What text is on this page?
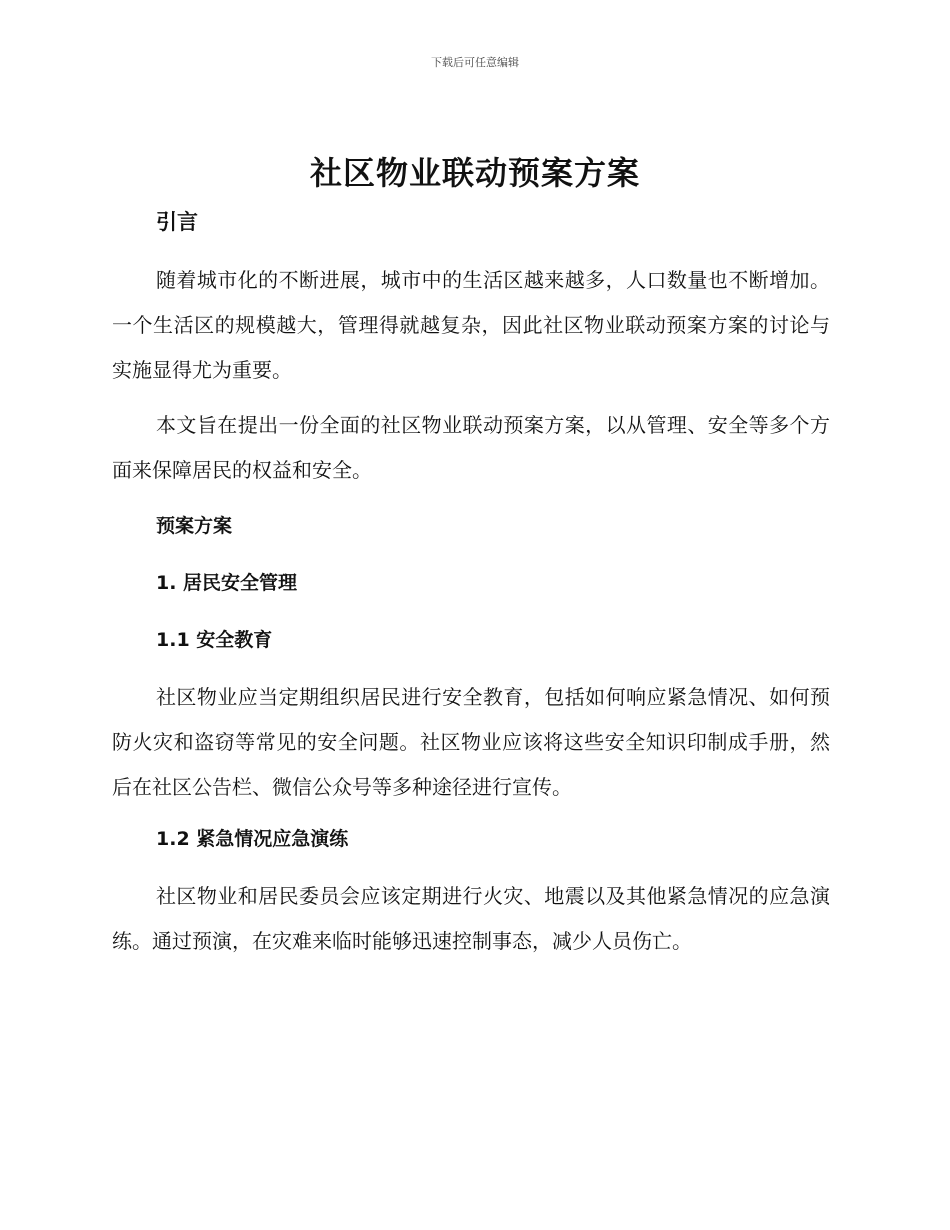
下载后可任意编辑
社区物业联动预案方案
引言

随着城市化的不断进展，城市中的生活区越来越多，人口数量也不断增加。一个生活区的规模越大，管理得就越复杂，因此社区物业联动预案方案的讨论与实施显得尤为重要。

本文旨在提出一份全面的社区物业联动预案方案，以从管理、安全等多个方面来保障居民的权益和安全。

预案方案
1. 居民安全管理
1.1 安全教育

社区物业应当定期组织居民进行安全教育，包括如何响应紧急情况、如何预防火灾和盗窃等常见的安全问题。社区物业应该将这些安全知识印制成手册，然后在社区公告栏、微信公众号等多种途径进行宣传。

1.2 紧急情况应急演练

社区物业和居民委员会应该定期进行火灾、地震以及其他紧急情况的应急演练。通过预演，在灾难来临时能够迅速控制事态，减少人员伤亡。
